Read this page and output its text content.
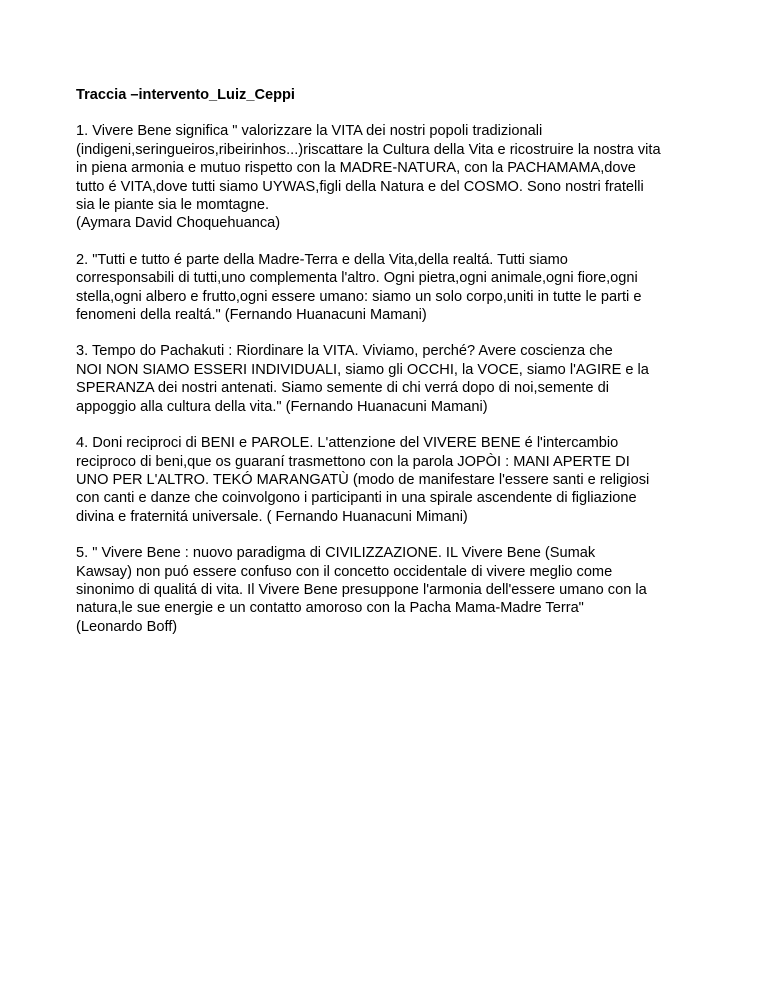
Traccia –intervento_Luiz_Ceppi
1. Vivere Bene significa " valorizzare la VITA dei nostri popoli tradizionali
(indigeni,seringueiros,ribeirinhos...)riscattare la Cultura della Vita e ricostruire la nostra vita
in piena armonia e mutuo rispetto con la MADRE-NATURA, con la PACHAMAMA,dove
tutto é VITA,dove tutti siamo UYWAS,figli della Natura e del COSMO. Sono nostri fratelli
sia le piante sia le momtagne.
(Aymara David Choquehuanca)
2. "Tutti e tutto é parte della Madre-Terra e della Vita,della realtá. Tutti siamo
corresponsabili di tutti,uno complementa l'altro. Ogni pietra,ogni animale,ogni fiore,ogni
stella,ogni albero e frutto,ogni essere umano: siamo un solo corpo,uniti in tutte le parti e
fenomeni della realtá." (Fernando Huanacuni Mamani)
3. Tempo do Pachakuti : Riordinare la VITA. Viviamo, perché? Avere coscienza che
NOI NON SIAMO ESSERI INDIVIDUALI, siamo gli OCCHI, la VOCE, siamo l'AGIRE e la
SPERANZA dei nostri antenati. Siamo semente di chi verrá dopo di noi,semente di
appoggio alla cultura della vita." (Fernando Huanacuni Mamani)
4. Doni reciproci di BENI e PAROLE. L'attenzione del VIVERE BENE é l'intercambio
reciproco di beni,que os guaraní trasmettono con la parola JOPÒI : MANI APERTE DI
UNO PER L'ALTRO. TEKÓ MARANGATÙ (modo de manifestare l'essere santi e religiosi
con canti e danze che coinvolgono i participanti in una spirale ascendente di figliazione
divina e fraternitá universale. ( Fernando Huanacuni Mimani)
5. " Vivere Bene : nuovo paradigma di CIVILIZZAZIONE. IL Vivere Bene (Sumak
Kawsay) non puó essere confuso con il concetto occidentale di vivere meglio come
sinonimo di qualitá di vita. Il Vivere Bene presuppone l'armonia dell'essere umano con la
natura,le sue energie e un contatto amoroso con la Pacha Mama-Madre Terra"
(Leonardo Boff)
